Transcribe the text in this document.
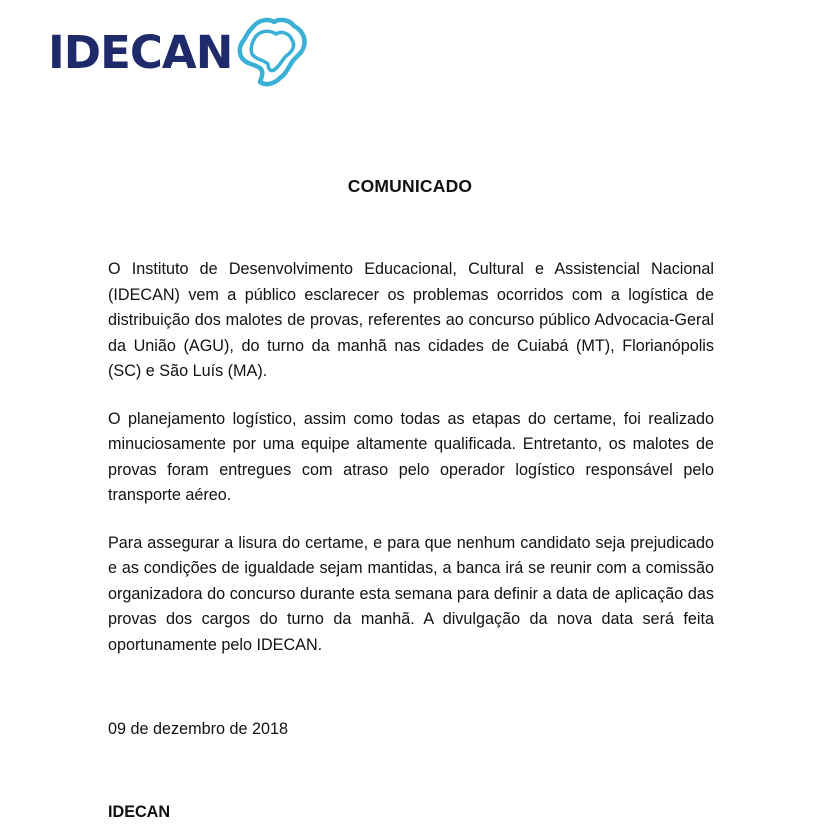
IDECAN
COMUNICADO

O Instituto de Desenvolvimento Educacional, Cultural e Assistencial Nacional (IDECAN) vem a público esclarecer os problemas ocorridos com a logística de distribuição dos malotes de provas, referentes ao concurso público Advocacia-Geral da União (AGU), do turno da manhã nas cidades de Cuiabá (MT), Florianópolis (SC) e São Luís (MA).

O planejamento logístico, assim como todas as etapas do certame, foi realizado minuciosamente por uma equipe altamente qualificada. Entretanto, os malotes de provas foram entregues com atraso pelo operador logístico responsável pelo transporte aéreo.

Para assegurar a lisura do certame, e para que nenhum candidato seja prejudicado e as condições de igualdade sejam mantidas, a banca irá se reunir com a comissão organizadora do concurso durante esta semana para definir a data de aplicação das provas dos cargos do turno da manhã. A divulgação da nova data será feita oportunamente pelo IDECAN.

09 de dezembro de 2018
IDECAN
